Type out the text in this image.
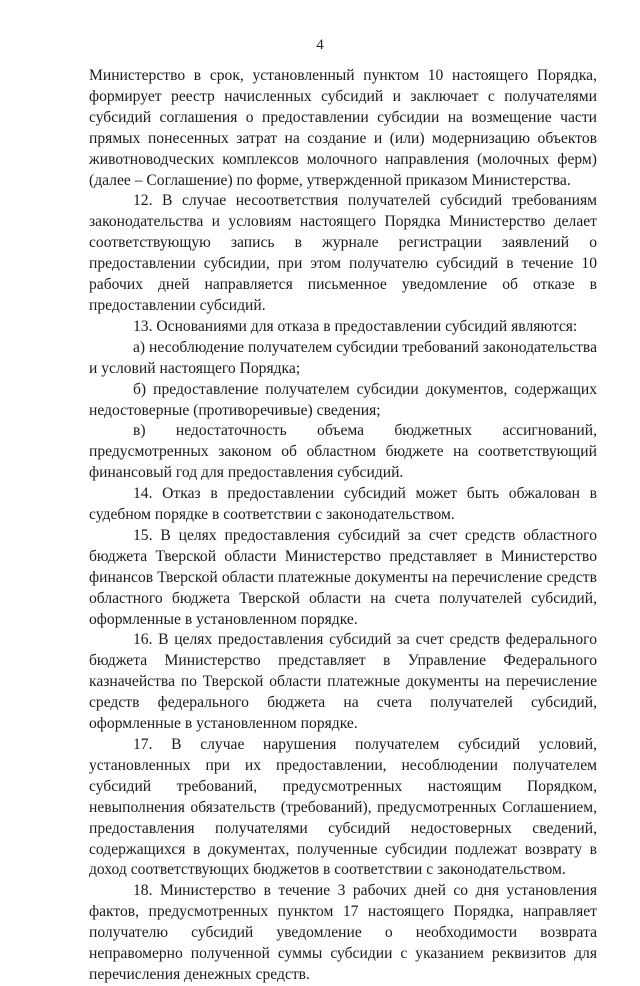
4

Министерство в срок, установленный пунктом 10 настоящего Порядка, формирует реестр начисленных субсидий и заключает с получателями субсидий соглашения о предоставлении субсидии на возмещение части прямых понесенных затрат на создание и (или) модернизацию объектов животноводческих комплексов молочного направления (молочных ферм) (далее – Соглашение) по форме, утвержденной приказом Министерства.

12. В случае несоответствия получателей субсидий требованиям законодательства и условиям настоящего Порядка Министерство делает соответствующую запись в журнале регистрации заявлений о предоставлении субсидии, при этом получателю субсидий в течение 10 рабочих дней направляется письменное уведомление об отказе в предоставлении субсидий.

13. Основаниями для отказа в предоставлении субсидий являются:

а) несоблюдение получателем субсидии требований законодательства и условий настоящего Порядка;

б) предоставление получателем субсидии документов, содержащих недостоверные (противоречивые) сведения;

в) недостаточность объема бюджетных ассигнований, предусмотренных законом об областном бюджете на соответствующий финансовый год для предоставления субсидий.

14. Отказ в предоставлении субсидий может быть обжалован в судебном порядке в соответствии с законодательством.

15. В целях предоставления субсидий за счет средств областного бюджета Тверской области Министерство представляет в Министерство финансов Тверской области платежные документы на перечисление средств областного бюджета Тверской области на счета получателей субсидий, оформленные в установленном порядке.

16. В целях предоставления субсидий за счет средств федерального бюджета Министерство представляет в Управление Федерального казначейства по Тверской области платежные документы на перечисление средств федерального бюджета на счета получателей субсидий, оформленные в установленном порядке.

17. В случае нарушения получателем субсидий условий, установленных при их предоставлении, несоблюдении получателем субсидий требований, предусмотренных настоящим Порядком, невыполнения обязательств (требований), предусмотренных Соглашением, предоставления получателями субсидий недостоверных сведений, содержащихся в документах, полученные субсидии подлежат возврату в доход соответствующих бюджетов в соответствии с законодательством.

18. Министерство в течение 3 рабочих дней со дня установления фактов, предусмотренных пунктом 17 настоящего Порядка, направляет получателю субсидий уведомление о необходимости возврата неправомерно полученной суммы субсидии с указанием реквизитов для перечисления денежных средств.
